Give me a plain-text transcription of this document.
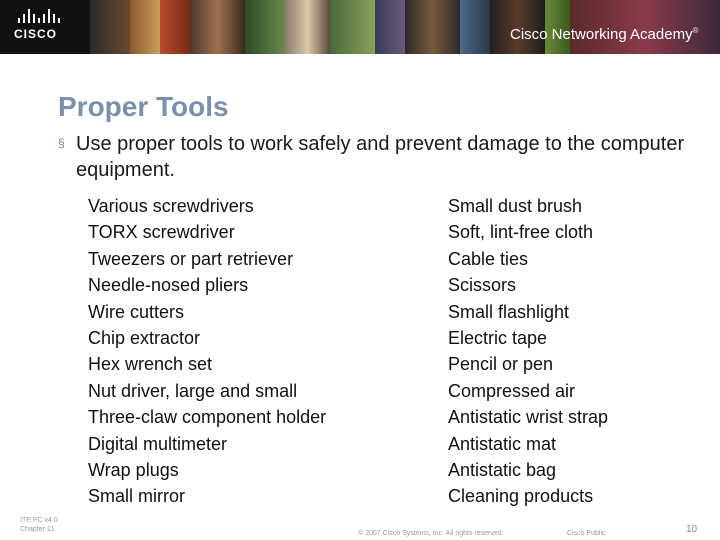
CISCO	Cisco Networking Academy®
Proper Tools
§ Use proper tools to work safely and prevent damage to the computer equipment.
Various screwdrivers
TORX screwdriver
Tweezers or part retriever
Needle-nosed pliers
Wire cutters
Chip extractor
Hex wrench set
Nut driver, large and small
Three-claw component holder
Digital multimeter
Wrap plugs
Small mirror
Small dust brush
Soft, lint-free cloth
Cable ties
Scissors
Small flashlight
Electric tape
Pencil or pen
Compressed air
Antistatic wrist strap
Antistatic mat
Antistatic bag
Cleaning products
ITE PC v4.0
Chapter 11
© 2007 Cisco Systems, Inc. All rights reserved.	Cisco Public	10
